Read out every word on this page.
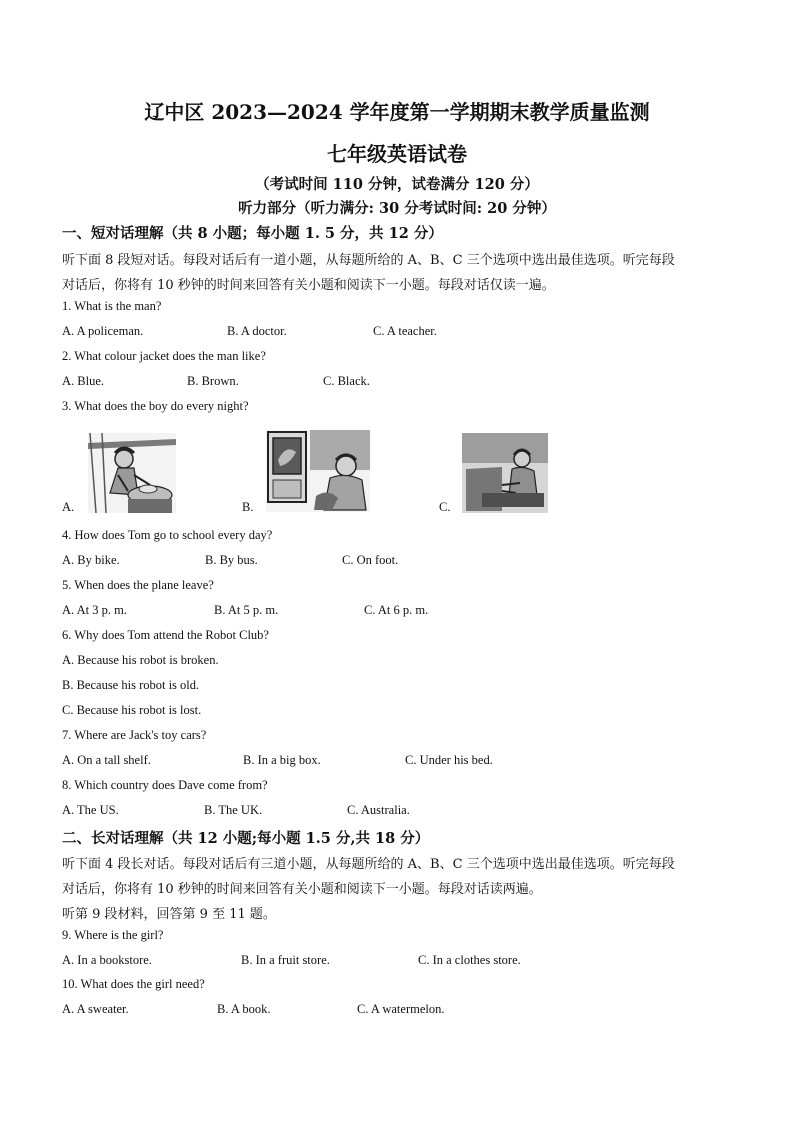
辽中区 2023—2024 学年度第一学期期末教学质量监测
七年级英语试卷
（考试时间 110 分钟，试卷满分 120 分）
听力部分（听力满分: 30 分考试时间: 20 分钟）
一、短对话理解（共 8 小题；每小题 1. 5 分，共 12 分）
听下面 8 段短对话。每段对话后有一道小题，从每题所给的 A、B、C 三个选项中选出最佳选项。听完每段
对话后，你将有 10 秒钟的时间来回答有关小题和阅读下一小题。每段对话仅读一遍。
1. What is the man?
A. A policeman.	B. A doctor.	C. A teacher.
2. What colour jacket does the man like?
A. Blue.	B. Brown.	C. Black.
3. What does the boy do every night?
A.	B.	C.
4. How does Tom go to school every day?
A. By bike.	B. By bus.	C. On foot.
5. When does the plane leave?
A. At 3 p. m.	B. At 5 p. m.	C. At 6 p. m.
6. Why does Tom attend the Robot Club?
A. Because his robot is broken.
B. Because his robot is old.
C. Because his robot is lost.
7. Where are Jack's toy cars?
A. On a tall shelf.	B. In a big box.	C. Under his bed.
8. Which country does Dave come from?
A. The US.	B. The UK.	C. Australia.
二、长对话理解（共 12 小题;每小题 1.5 分,共 18 分）
听下面 4 段长对话。每段对话后有三道小题，从每题所给的 A、B、C 三个选项中选出最佳选项。听完每段
对话后，你将有 10 秒钟的时间来回答有关小题和阅读下一小题。每段对话读两遍。
听第 9 段材料，回答第 9 至 11 题。
9. Where is the girl?
A. In a bookstore.	B. In a fruit store.	C. In a clothes store.
10. What does the girl need?
A. A sweater.	B. A book.	C. A watermelon.
